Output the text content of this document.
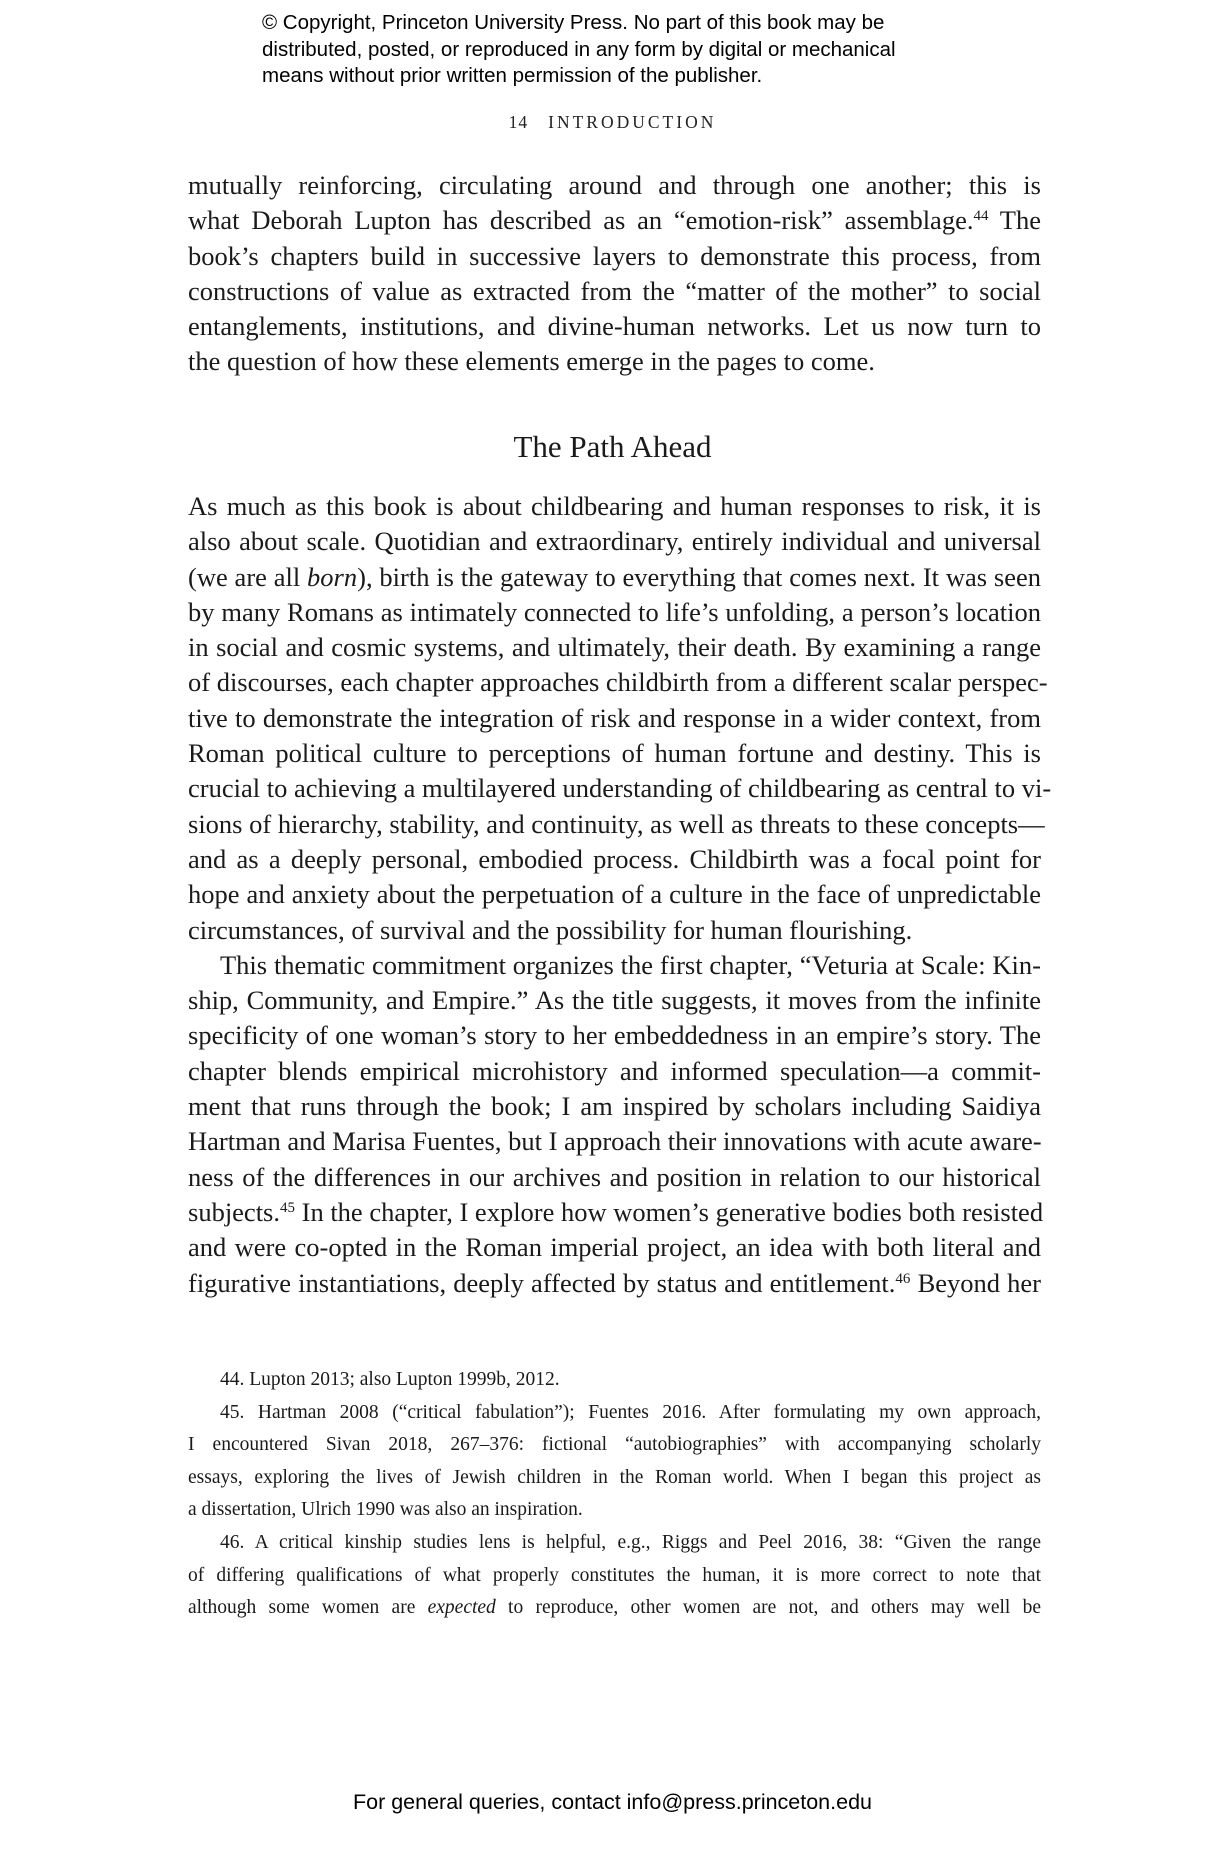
© Copyright, Princeton University Press. No part of this book may be
distributed, posted, or reproduced in any form by digital or mechanical
means without prior written permission of the publisher.
14 INTRODUCTION
mutually reinforcing, circulating around and through one another; this is
what Deborah Lupton has described as an “emotion-risk” assemblage.$^{44}$ The
book’s chapters build in successive layers to demonstrate this process, from
constructions of value as extracted from the “matter of the mother” to social
entanglements, institutions, and divine-human networks. Let us now turn to
the question of how these elements emerge in the pages to come.
The Path Ahead
As much as this book is about childbearing and human responses to risk, it is
also about scale. Quotidian and extraordinary, entirely individual and universal
(we are all born), birth is the gateway to everything that comes next. It was seen
by many Romans as intimately connected to life’s unfolding, a person’s location
in social and cosmic systems, and ultimately, their death. By examining a range
of discourses, each chapter approaches childbirth from a different scalar perspec-
tive to demonstrate the integration of risk and response in a wider context, from
Roman political culture to perceptions of human fortune and destiny. This is
crucial to achieving a multilayered understanding of childbearing as central to vi-
sions of hierarchy, stability, and continuity, as well as threats to these concepts—
and as a deeply personal, embodied process. Childbirth was a focal point for
hope and anxiety about the perpetuation of a culture in the face of unpredictable
circumstances, of survival and the possibility for human flourishing.
This thematic commitment organizes the first chapter, “Veturia at Scale: Kin-
ship, Community, and Empire.” As the title suggests, it moves from the infinite
specificity of one woman’s story to her embeddedness in an empire’s story. The
chapter blends empirical microhistory and informed speculation—a commit-
ment that runs through the book; I am inspired by scholars including Saidiya
Hartman and Marisa Fuentes, but I approach their innovations with acute aware-
ness of the differences in our archives and position in relation to our historical
subjects.$^{45}$ In the chapter, I explore how women’s generative bodies both resisted
and were co-opted in the Roman imperial project, an idea with both literal and
figurative instantiations, deeply affected by status and entitlement.$^{46}$ Beyond her
44. Lupton 2013; also Lupton 1999b, 2012.
45. Hartman 2008 (“critical fabulation”); Fuentes 2016. After formulating my own approach,
I encountered Sivan 2018, 267–376: fictional “autobiographies” with accompanying scholarly
essays, exploring the lives of Jewish children in the Roman world. When I began this project as
a dissertation, Ulrich 1990 was also an inspiration.
46. A critical kinship studies lens is helpful, e.g., Riggs and Peel 2016, 38: “Given the range
of differing qualifications of what properly constitutes the human, it is more correct to note that
although some women are expected to reproduce, other women are not, and others may well be
For general queries, contact info@press.princeton.edu
